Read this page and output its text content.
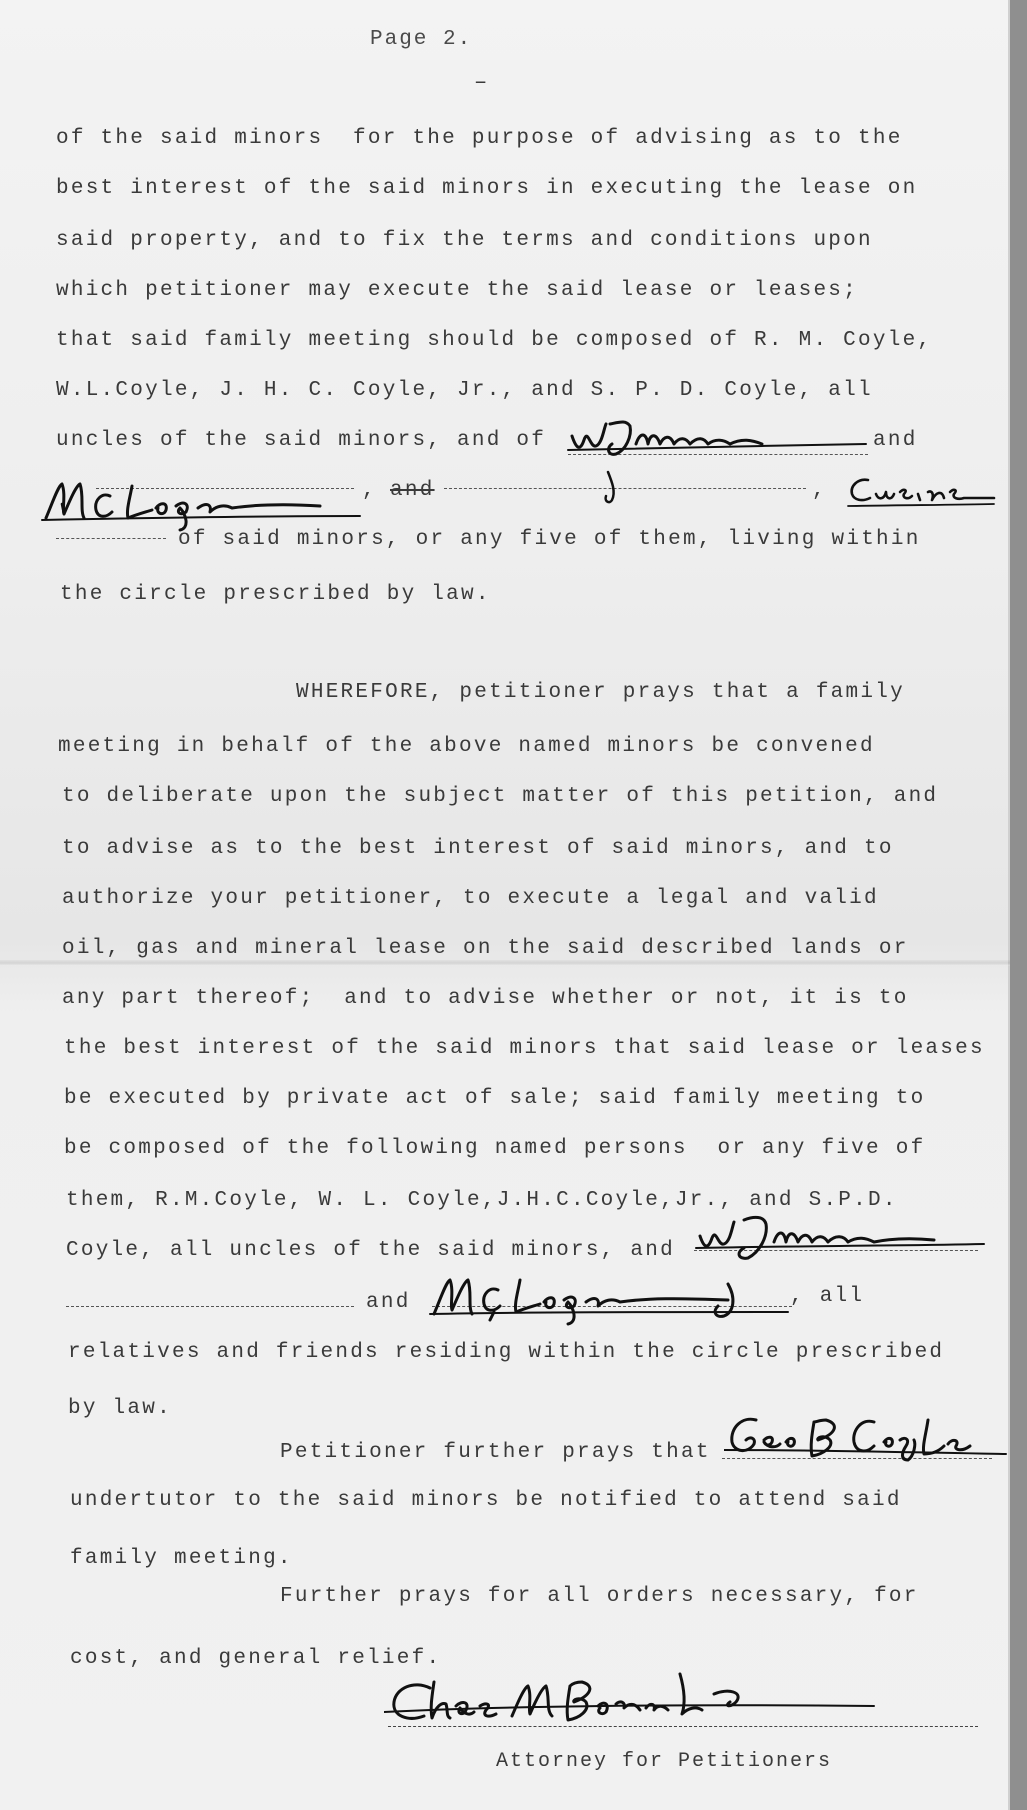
Page 2.
–
of the said minors  for the purpose of advising as to the
best interest of the said minors in executing the lease on
said property, and to fix the terms and conditions upon
which petitioner may execute the said lease or leases;
that said family meeting should be composed of R. M. Coyle,
W.L.Coyle, J. H. C. Coyle, Jr., and S. P. D. Coyle, all
uncles of the said minors, and of	and
, and	,
of said minors, or any five of them, living within
the circle prescribed by law.
WHEREFORE, petitioner prays that a family
meeting in behalf of the above named minors be convened
to deliberate upon the subject matter of this petition, and
to advise as to the best interest of said minors, and to
authorize your petitioner, to execute a legal and valid
oil, gas and mineral lease on the said described lands or
any part thereof;  and to advise whether or not, it is to
the best interest of the said minors that said lease or leases
be executed by private act of sale; said family meeting to
be composed of the following named persons  or any five of
them, R.M.Coyle, W. L. Coyle,J.H.C.Coyle,Jr., and S.P.D.
Coyle, all uncles of the said minors, and
and	, all
relatives and friends residing within the circle prescribed
by law.
Petitioner further prays that
undertutor to the said minors be notified to attend said
family meeting.
Further prays for all orders necessary, for
cost, and general relief.
Attorney for Petitioners
